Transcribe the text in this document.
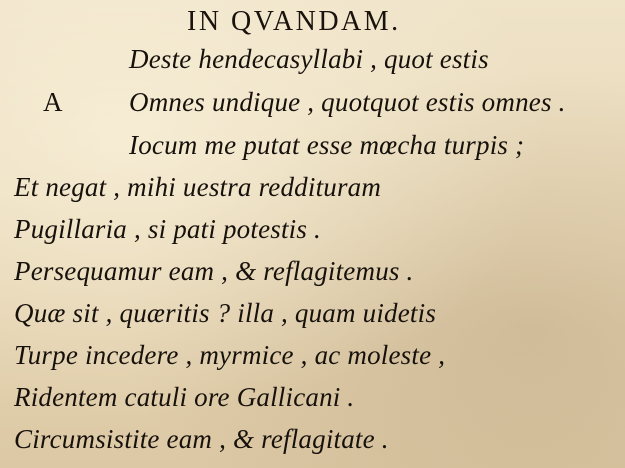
IN QVANDAM.
A
Deste hendecasyllabi , quot estis
Omnes undique , quotquot estis omnes .
Iocum me putat esse mœcha turpis ;
Et negat , mihi uestra reddituram
Pugillaria , si pati potestis .
Persequamur eam , & reflagitemus .
Quæ sit , quæritis ? illa , quam uidetis
Turpe incedere , myrmice , ac moleste ,
Ridentem catuli ore Gallicani .
Circumsistite eam , & reflagitate .
